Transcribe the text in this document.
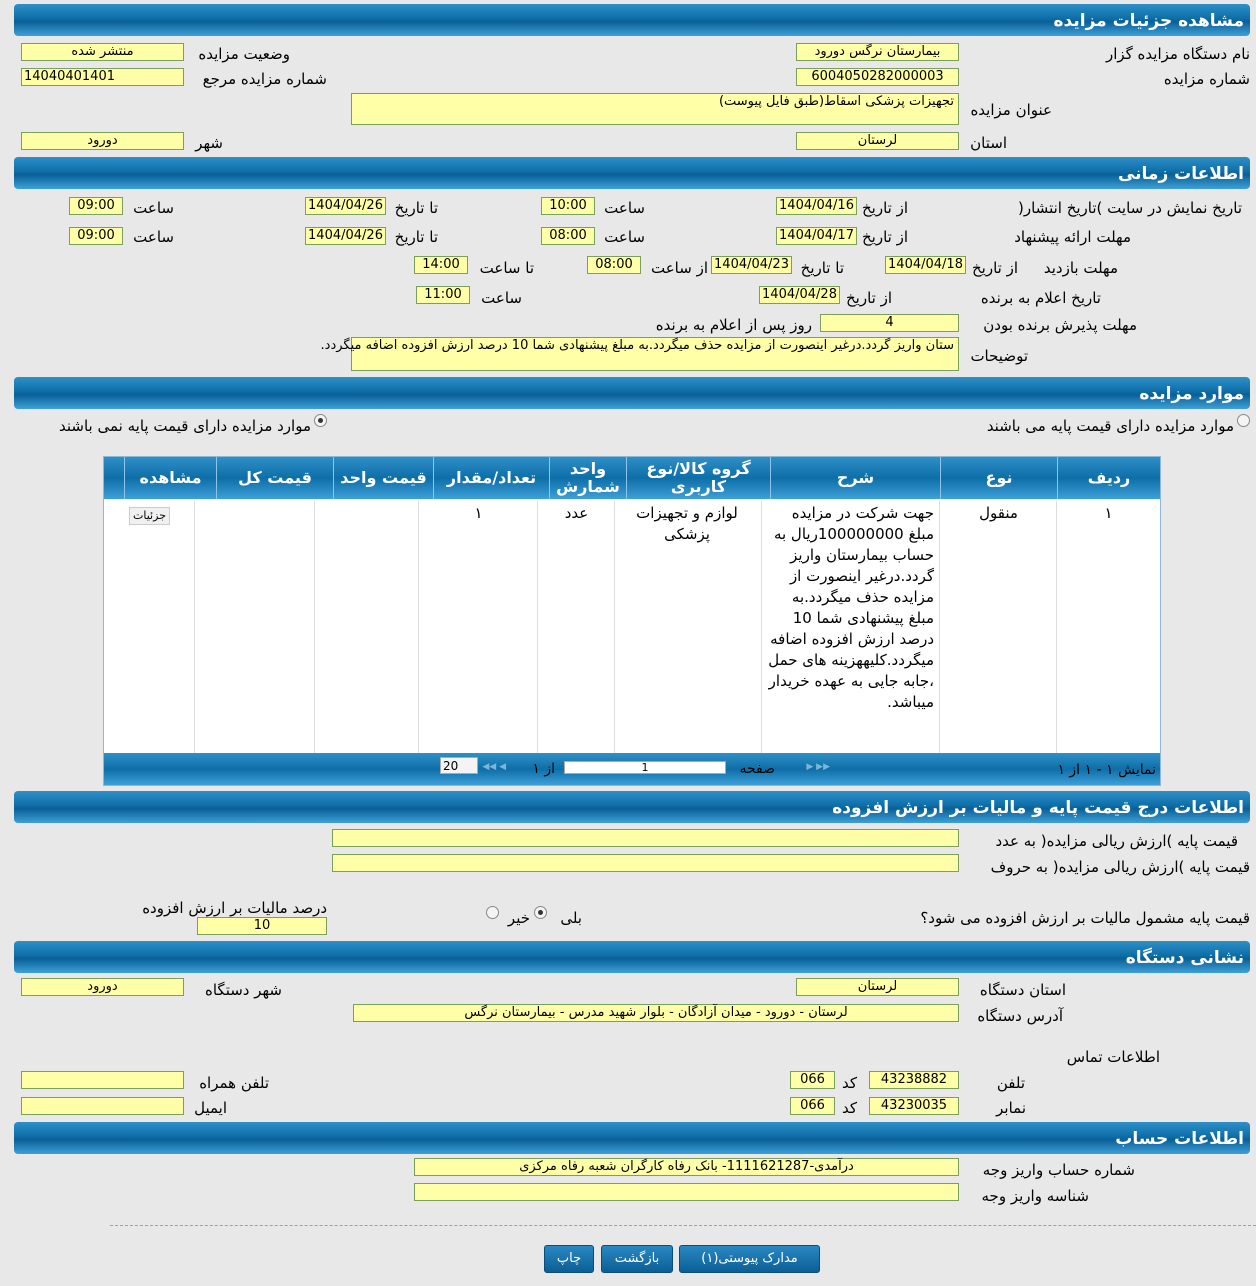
مشاهده جزئیات مزایده
نام دستگاه مزایده گزار
بیمارستان نرگس دورود
وضعیت مزایده
منتشر شده
شماره مزایده
6004050282000003
شماره مزایده مرجع
14040401401
عنوان مزایده
تجهیزات پزشکی اسقاط(طبق فایل پیوست)
استان
لرستان
شهر
دورود
اطلاعات زمانی
تاریخ نمایش در سایت )تاریخ انتشار(
از تاریخ
1404/04/16
ساعت
10:00
تا تاریخ
1404/04/26
ساعت
09:00
مهلت ارائه پیشنهاد
از تاریخ
1404/04/17
ساعت
08:00
تا تاریخ
1404/04/26
ساعت
09:00
مهلت بازدید
از تاریخ
1404/04/18
تا تاریخ
1404/04/23
از ساعت
08:00
تا ساعت
14:00
تاریخ اعلام به برنده
از تاریخ
1404/04/28
ساعت
11:00
مهلت پذیرش برنده بودن
4
روز پس از اعلام به برنده
توضیحات
ستان واریز گردد.درغیر اینصورت از مزایده حذف میگردد.به مبلغ پیشنهادی شما 10 درصد ارزش افزوده اضافه میگردد.
موارد مزایده
موارد مزایده دارای قیمت پایه می باشند
موارد مزایده دارای قیمت پایه نمی باشند
ردیف
نوع
شرح
گروه کالا/نوع کاربری
واحد شمارش
تعداد/مقدار
قیمت واحد
قیمت کل
مشاهده
۱
منقول
جهت شرکت در مزایده مبلغ 100000000ریال به حساب بیمارستان واریز گردد.درغیر اینصورت از مزایده حذف میگردد.به مبلغ پیشنهادی شما 10 درصد ارزش افزوده اضافه میگردد.کلیههزینه های حمل ،جابه جایی به عهده خریدار میباشد.
لوازم و تجهیزات پزشکی
عدد
۱
جزئیات
نمایش ۱ - ۱ از ۱
▶▶ ▶
صفحه
1
از ۱
◀ ◀◀
20
اطلاعات درج قیمت پایه و مالیات بر ارزش افزوده
قیمت پایه )ارزش ریالی مزایده( به عدد
قیمت پایه )ارزش ریالی مزایده( به حروف
قیمت پایه مشمول مالیات بر ارزش افزوده می شود؟
بلی
خیر
درصد مالیات بر ارزش افزوده
10
نشانی دستگاه
استان دستگاه
لرستان
شهر دستگاه
دورود
آدرس دستگاه
لرستان - دورود - میدان آزادگان - بلوار شهید مدرس - بیمارستان نرگس
اطلاعات تماس
تلفن
43238882
کد
066
تلفن همراه
نمابر
43230035
کد
066
ایمیل
اطلاعات حساب
شماره حساب واریز وجه
درآمدی-1111621287- بانک رفاه کارگران شعبه رفاه مرکزی
شناسه واریز وجه
مدارک پیوستی(۱)
بازگشت
چاپ
